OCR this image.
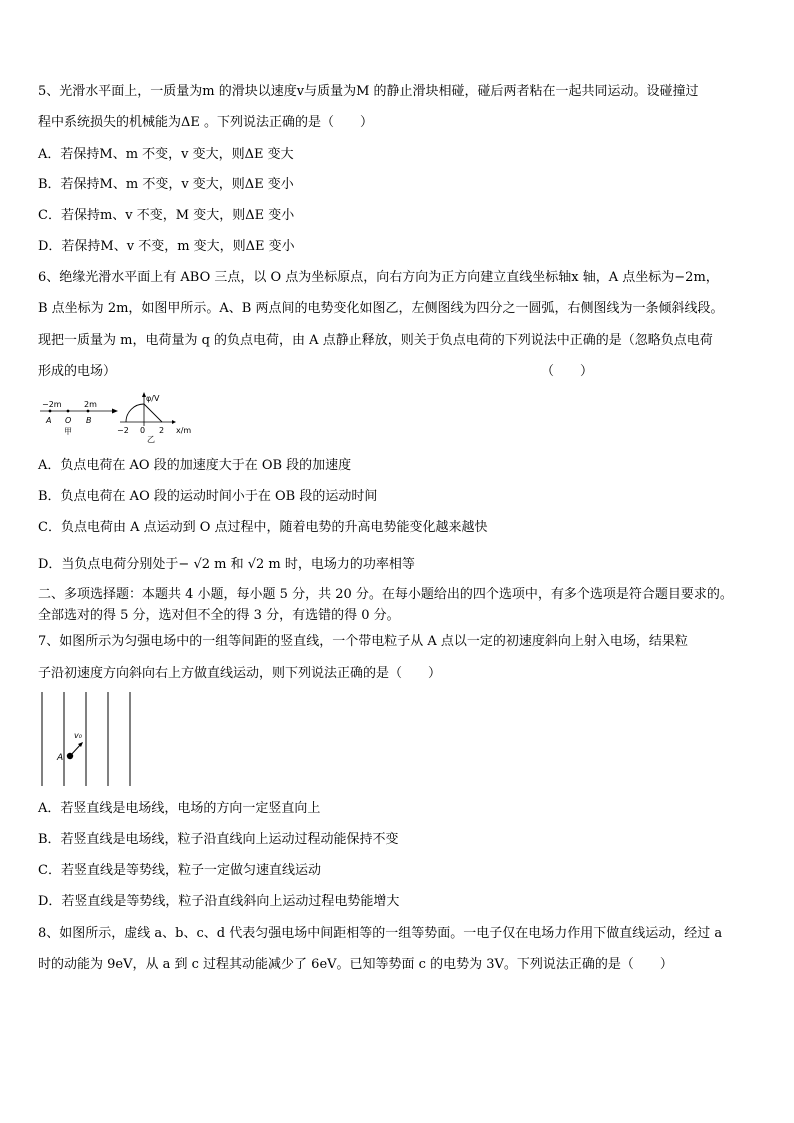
5、光滑水平面上，一质量为m 的滑块以速度v与质量为M 的静止滑块相碰，碰后两者粘在一起共同运动。设碰撞过
程中系统损失的机械能为ΔE 。下列说法正确的是（　　）
A．若保持M、m 不变，v 变大，则ΔE 变大
B．若保持M、m 不变，v 变大，则ΔE 变小
C．若保持m、v 不变，M 变大，则ΔE 变小
D．若保持M、v 不变，m 变大，则ΔE 变小
6、绝缘光滑水平面上有 ABO 三点，以 O 点为坐标原点，向右方向为正方向建立直线坐标轴x 轴，A 点坐标为−2m，
B 点坐标为 2m，如图甲所示。A、B 两点间的电势变化如图乙，左侧图线为四分之一圆弧，右侧图线为一条倾斜线段。
现把一质量为 m，电荷量为 q 的负点电荷，由 A 点静止释放，则关于负点电荷的下列说法中正确的是（忽略负点电荷
形成的电场）	（　　）
−2m	2m
A O B
甲
φ/V
x/m
−2 0 2
乙
A．负点电荷在 AO 段的加速度大于在 OB 段的加速度
B．负点电荷在 AO 段的运动时间小于在 OB 段的运动时间
C．负点电荷由 A 点运动到 O 点过程中，随着电势的升高电势能变化越来越快
D．当负点电荷分别处于− √2 m 和 √2 m 时，电场力的功率相等
二、多项选择题：本题共 4 小题，每小题 5 分，共 20 分。在每小题给出的四个选项中，有多个选项是符合题目要求的。
全部选对的得 5 分，选对但不全的得 3 分，有选错的得 0 分。
7、如图所示为匀强电场中的一组等间距的竖直线，一个带电粒子从 A 点以一定的初速度斜向上射入电场，结果粒
子沿初速度方向斜向右上方做直线运动，则下列说法正确的是（　　）
A
v₀
A．若竖直线是电场线，电场的方向一定竖直向上
B．若竖直线是电场线，粒子沿直线向上运动过程动能保持不变
C．若竖直线是等势线，粒子一定做匀速直线运动
D．若竖直线是等势线，粒子沿直线斜向上运动过程电势能增大
8、如图所示，虚线 a、b、c、d 代表匀强电场中间距相等的一组等势面。一电子仅在电场力作用下做直线运动，经过 a
时的动能为 9eV，从 a 到 c 过程其动能减少了 6eV。已知等势面 c 的电势为 3V。下列说法正确的是（　　）
